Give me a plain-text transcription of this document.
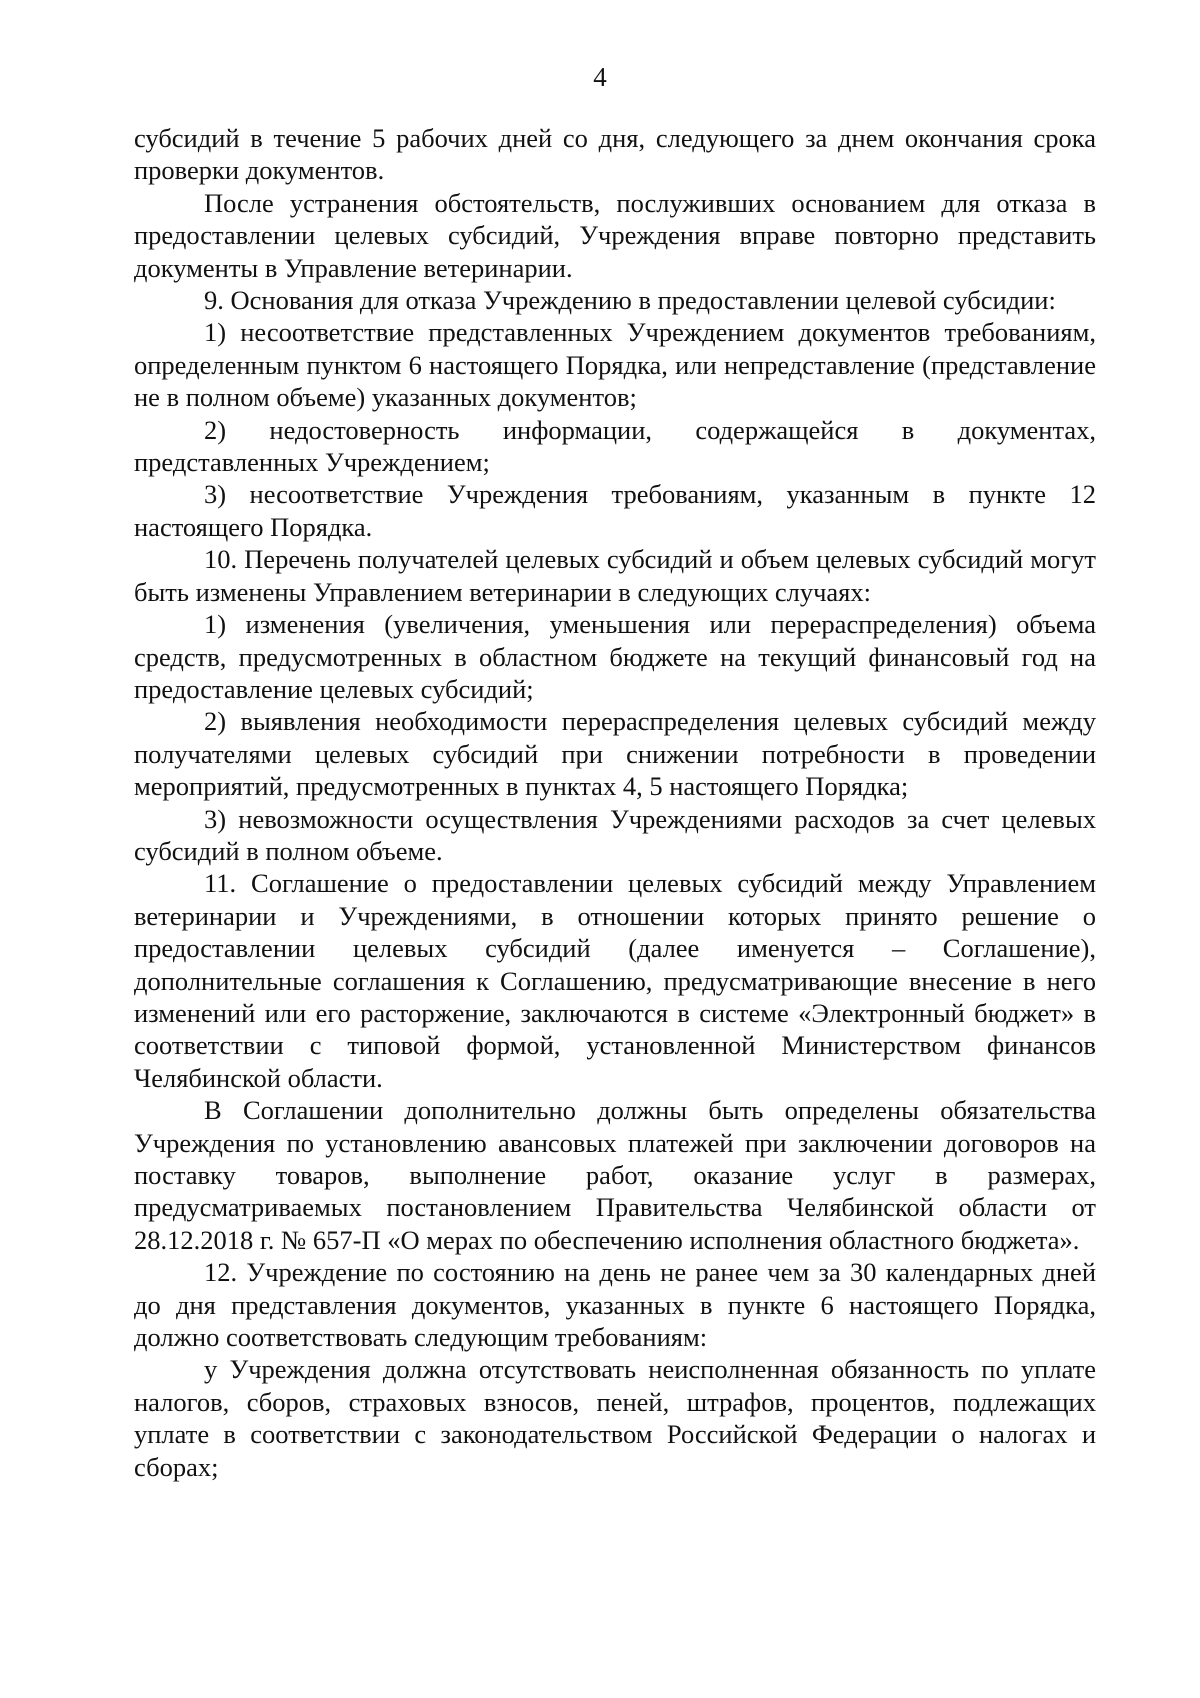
4

субсидий в течение 5 рабочих дней со дня, следующего за днем окончания срока проверки документов.

После устранения обстоятельств, послуживших основанием для отказа в предоставлении целевых субсидий, Учреждения вправе повторно представить документы в Управление ветеринарии.

9. Основания для отказа Учреждению в предоставлении целевой субсидии:

1) несоответствие представленных Учреждением документов требованиям, определенным пунктом 6 настоящего Порядка, или непредставление (представление не в полном объеме) указанных документов;

2) недостоверность информации, содержащейся в документах, представленных Учреждением;

3) несоответствие Учреждения требованиям, указанным в пункте 12 настоящего Порядка.

10. Перечень получателей целевых субсидий и объем целевых субсидий могут быть изменены Управлением ветеринарии в следующих случаях:

1) изменения (увеличения, уменьшения или перераспределения) объема средств, предусмотренных в областном бюджете на текущий финансовый год на предоставление целевых субсидий;

2) выявления необходимости перераспределения целевых субсидий между получателями целевых субсидий при снижении потребности в проведении мероприятий, предусмотренных в пунктах 4, 5 настоящего Порядка;

3) невозможности осуществления Учреждениями расходов за счет целевых субсидий в полном объеме.

11. Соглашение о предоставлении целевых субсидий между Управлением ветеринарии и Учреждениями, в отношении которых принято решение о предоставлении целевых субсидий (далее именуется – Соглашение), дополнительные соглашения к Соглашению, предусматривающие внесение в него изменений или его расторжение, заключаются в системе «Электронный бюджет» в соответствии с типовой формой, установленной Министерством финансов Челябинской области.

В Соглашении дополнительно должны быть определены обязательства Учреждения по установлению авансовых платежей при заключении договоров на поставку товаров, выполнение работ, оказание услуг в размерах, предусматриваемых постановлением Правительства Челябинской области от 28.12.2018 г. № 657-П «О мерах по обеспечению исполнения областного бюджета».

12. Учреждение по состоянию на день не ранее чем за 30 календарных дней до дня представления документов, указанных в пункте 6 настоящего Порядка, должно соответствовать следующим требованиям:

у Учреждения должна отсутствовать неисполненная обязанность по уплате налогов, сборов, страховых взносов, пеней, штрафов, процентов, подлежащих уплате в соответствии с законодательством Российской Федерации о налогах и сборах;
